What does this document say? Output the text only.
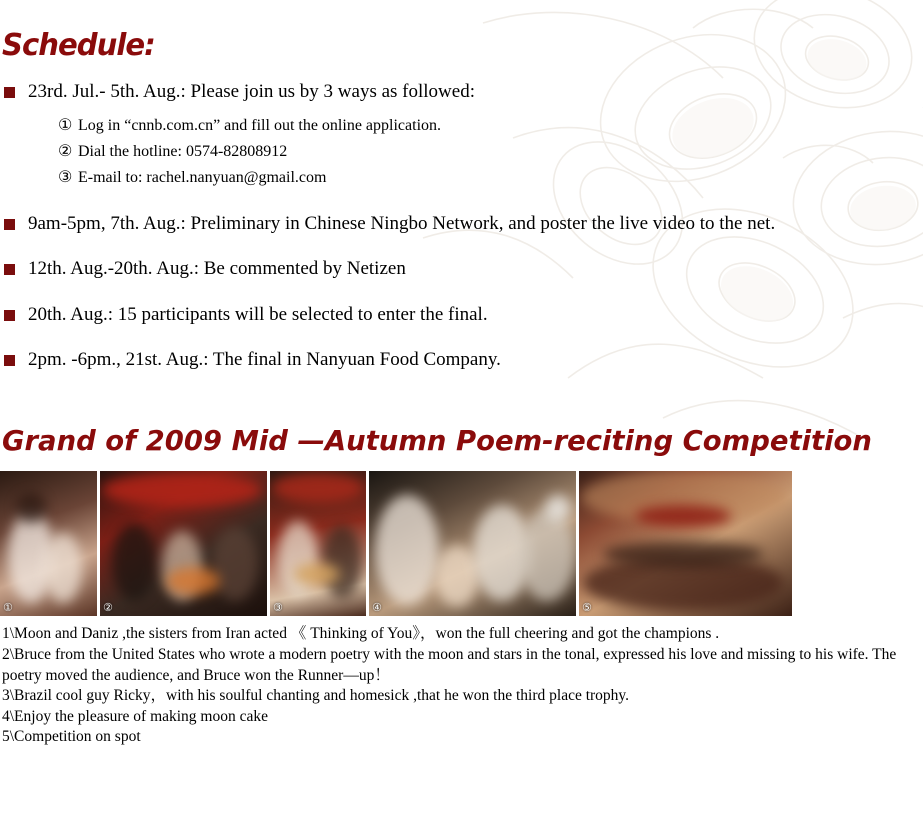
Schedule:
23rd. Jul.- 5th. Aug.: Please join us by 3 ways as followed:
① Log in “cnnb.com.cn” and fill out the online application.
② Dial the hotline: 0574-82808912
③ E-mail to: rachel.nanyuan@gmail.com
9am-5pm, 7th. Aug.: Preliminary in Chinese Ningbo Network, and poster the live video to the net.
12th. Aug.-20th. Aug.: Be commented by Netizen
20th. Aug.: 15 participants will be selected to enter the final.
2pm. -6pm., 21st. Aug.: The final in Nanyuan Food Company.
Grand of 2009 Mid —Autumn Poem-reciting Competition
①	②	③	④	⑤

1\Moon and Daniz ,the sisters from Iran acted 《 Thinking of You》，won the full cheering and got the champions .

2\Bruce from the United States who wrote a modern poetry with the moon and stars in the tonal, expressed his love and missing to his wife. The poetry moved the audience, and Bruce won the Runner—up！

3\Brazil cool guy Ricky，with his soulful chanting and homesick ,that he won the third place trophy.

4\Enjoy the pleasure of making moon cake

5\Competition on spot
